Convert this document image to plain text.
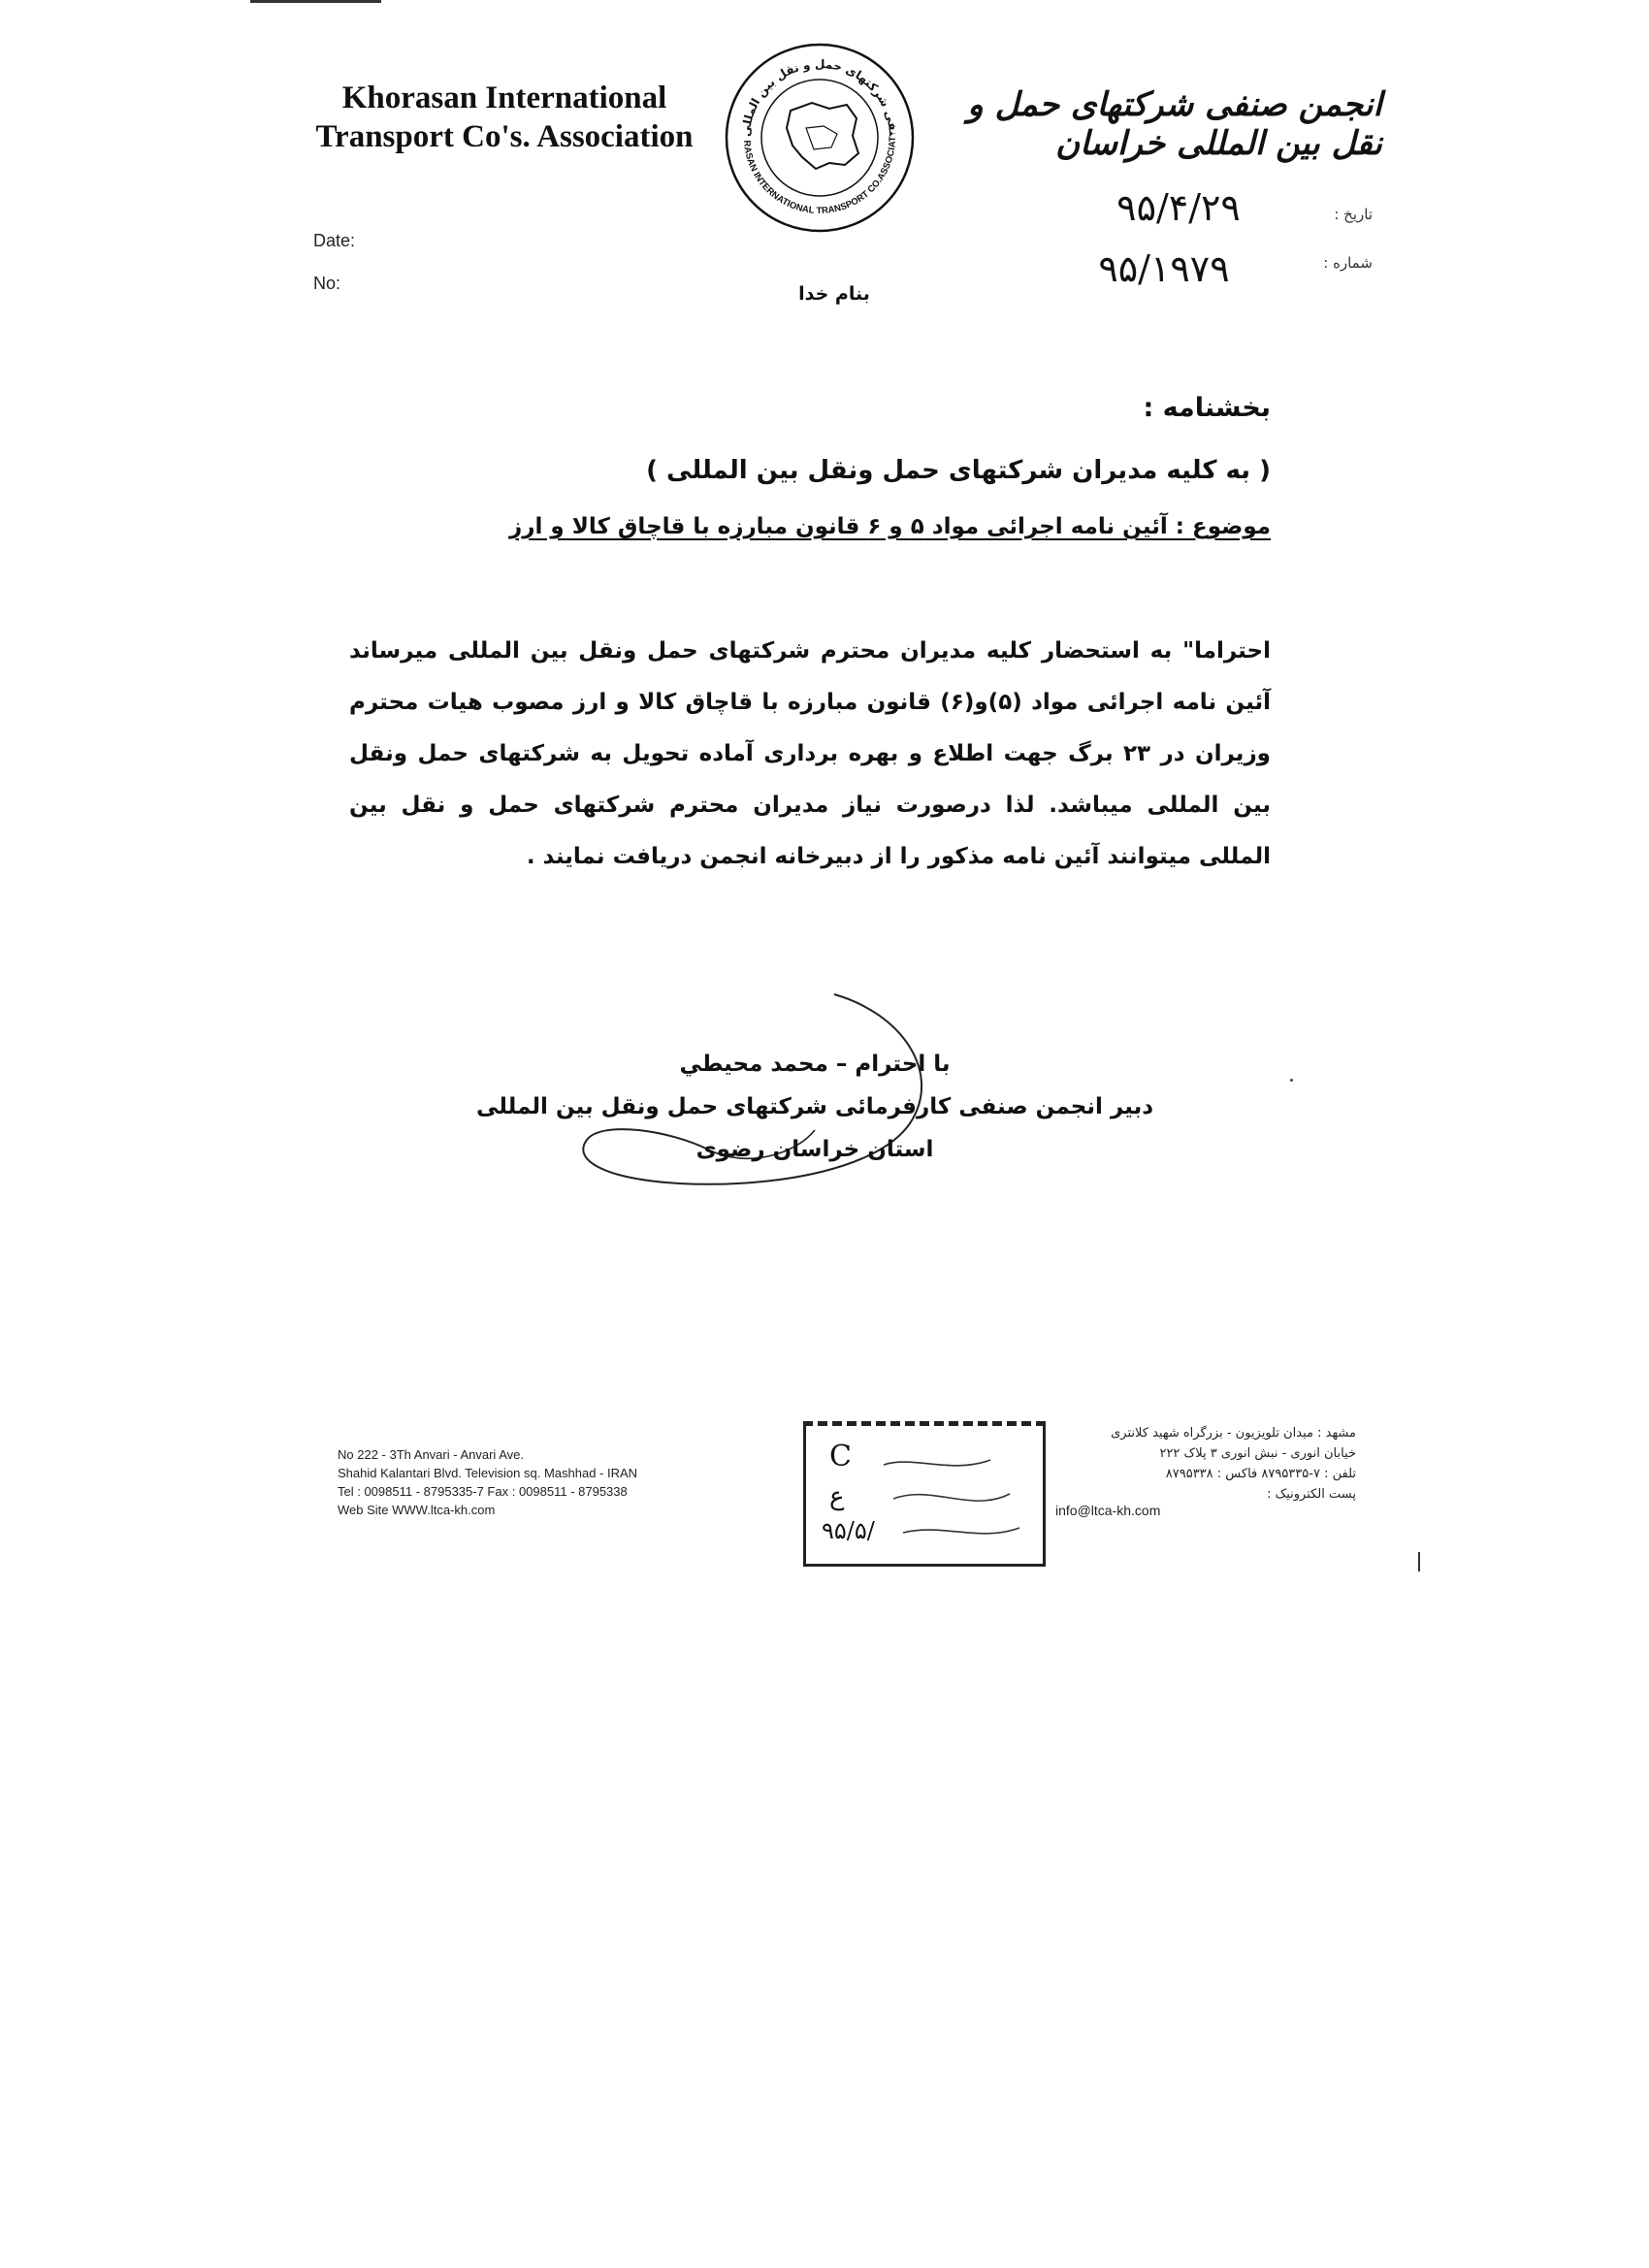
Khorasan International
Transport Co's. Association	نفی شرکتهای حمل و نقل بین المللی
RASAN INTERNATIONAL TRANSPORT CO.ASSOCIAT
انجمن صنفی شرکتهای حمل و نقل بین المللی خراسان
Date:
No:
تاریخ :
شماره :
۹۵/۴/۲۹
۹۵/۱۹۷۹
بنام خدا
بخشنامه :
( به کلیه مدیران شرکتهای حمل ونقل بین المللی )
موضوع : آئین نامه اجرائی مواد ۵ و ۶ قانون مبارزه با قاچاق کالا و ارز
احتراما" به استحضار کلیه مدیران محترم شرکتهای حمل ونقل بین المللی میرساند آئین نامه اجرائی مواد (۵)و(۶) قانون مبارزه با قاچاق کالا و ارز مصوب هیات محترم وزیران در ۲۳ برگ جهت اطلاع و بهره برداری آماده تحویل به شرکتهای حمل ونقل بین المللی میباشد. لذا درصورت نیاز مدیران محترم شرکتهای حمل و نقل بین المللی میتوانند آئین نامه مذکور را از دبیرخانه انجمن دریافت نمایند .
با احترام – محمد محیطي
دبیر انجمن صنفی کارفرمائی شرکتهای حمل ونقل بین المللی
استان خراسان رضوی
No 222 - 3Th Anvari - Anvari Ave.
Shahid Kalantari Blvd. Television sq. Mashhad - IRAN
Tel : 0098511 - 8795335-7 Fax : 0098511 - 8795338
Web Site WWW.ltca-kh.com
C
ع
۹۵/۵/
مشهد : میدان تلویزیون - بزرگراه شهید کلانتری
خیابان انوری - نبش انوری ۳ پلاک ۲۲۲
تلفن : ۷-۸۷۹۵۳۳۵ فاکس : ۸۷۹۵۳۳۸
پست الکترونیک :
info@ltca-kh.com
